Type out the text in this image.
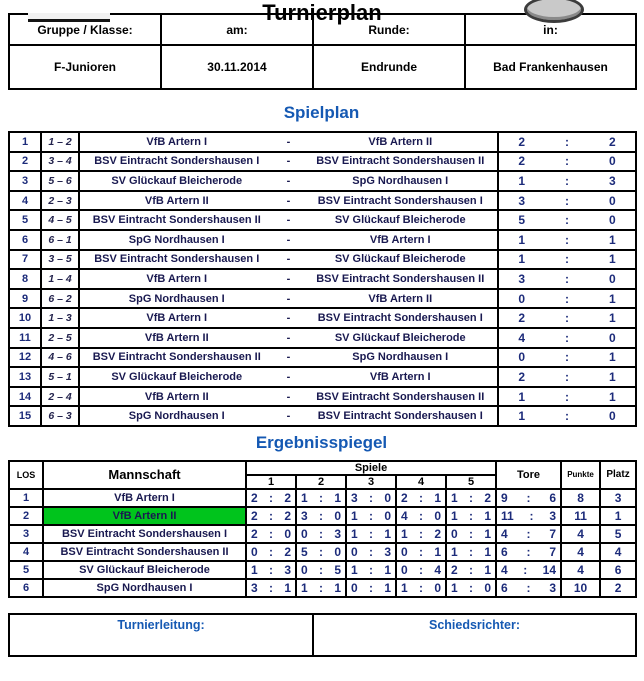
Turnierplan
Gruppe / Klasse:	am:	Runde:	in:
F-Junioren	30.11.2014	Endrunde	Bad Frankenhausen
Spielplan
1	1 – 2	VfB Artern I - VfB Artern II	2 : 2

2	3 – 4	BSV Eintracht Sondershausen I - BSV Eintracht Sondershausen II	2 : 0

3	5 – 6	SV Glückauf Bleicherode - SpG Nordhausen I	1 : 3

4	2 – 3	VfB Artern II - BSV Eintracht Sondershausen I	3 : 0

5	4 – 5	BSV Eintracht Sondershausen II - SV Glückauf Bleicherode	5 : 0

6	6 – 1	SpG Nordhausen I - VfB Artern I	1 : 1

7	3 – 5	BSV Eintracht Sondershausen I - SV Glückauf Bleicherode	1 : 1

8	1 – 4	VfB Artern I - BSV Eintracht Sondershausen II	3 : 0

9	6 – 2	SpG Nordhausen I - VfB Artern II	0 : 1

10	1 – 3	VfB Artern I - BSV Eintracht Sondershausen I	2 : 1

11	2 – 5	VfB Artern II - SV Glückauf Bleicherode	4 : 0

12	4 – 6	BSV Eintracht Sondershausen II - SpG Nordhausen I	0 : 1

13	5 – 1	SV Glückauf Bleicherode - VfB Artern I	2 : 1

14	2 – 4	VfB Artern II - BSV Eintracht Sondershausen II	1 : 1

15	6 – 3	SpG Nordhausen I - BSV Eintracht Sondershausen I	1 : 0
Ergebnisspiegel
LOS	Mannschaft	Spiele					Tore	Punkte	Platz
		1	2	3	4	5			
1	VfB Artern I	2 : 2	1 : 1	3 : 0	2 : 1	1 : 2	9 : 6	8	3
2	VfB Artern II	2 : 2	3 : 0	1 : 0	4 : 0	1 : 1	11 : 3	11	1
3	BSV Eintracht Sondershausen I	2 : 0	0 : 3	1 : 1	1 : 2	0 : 1	4 : 7	4	5
4	BSV Eintracht Sondershausen II	0 : 2	5 : 0	0 : 3	0 : 1	1 : 1	6 : 7	4	4
5	SV Glückauf Bleicherode	1 : 3	0 : 5	1 : 1	0 : 4	2 : 1	4 : 14	4	6
6	SpG Nordhausen I	3 : 1	1 : 1	0 : 1	1 : 0	1 : 0	6 : 3	10	2
Turnierleitung:	Schiedsrichter:
